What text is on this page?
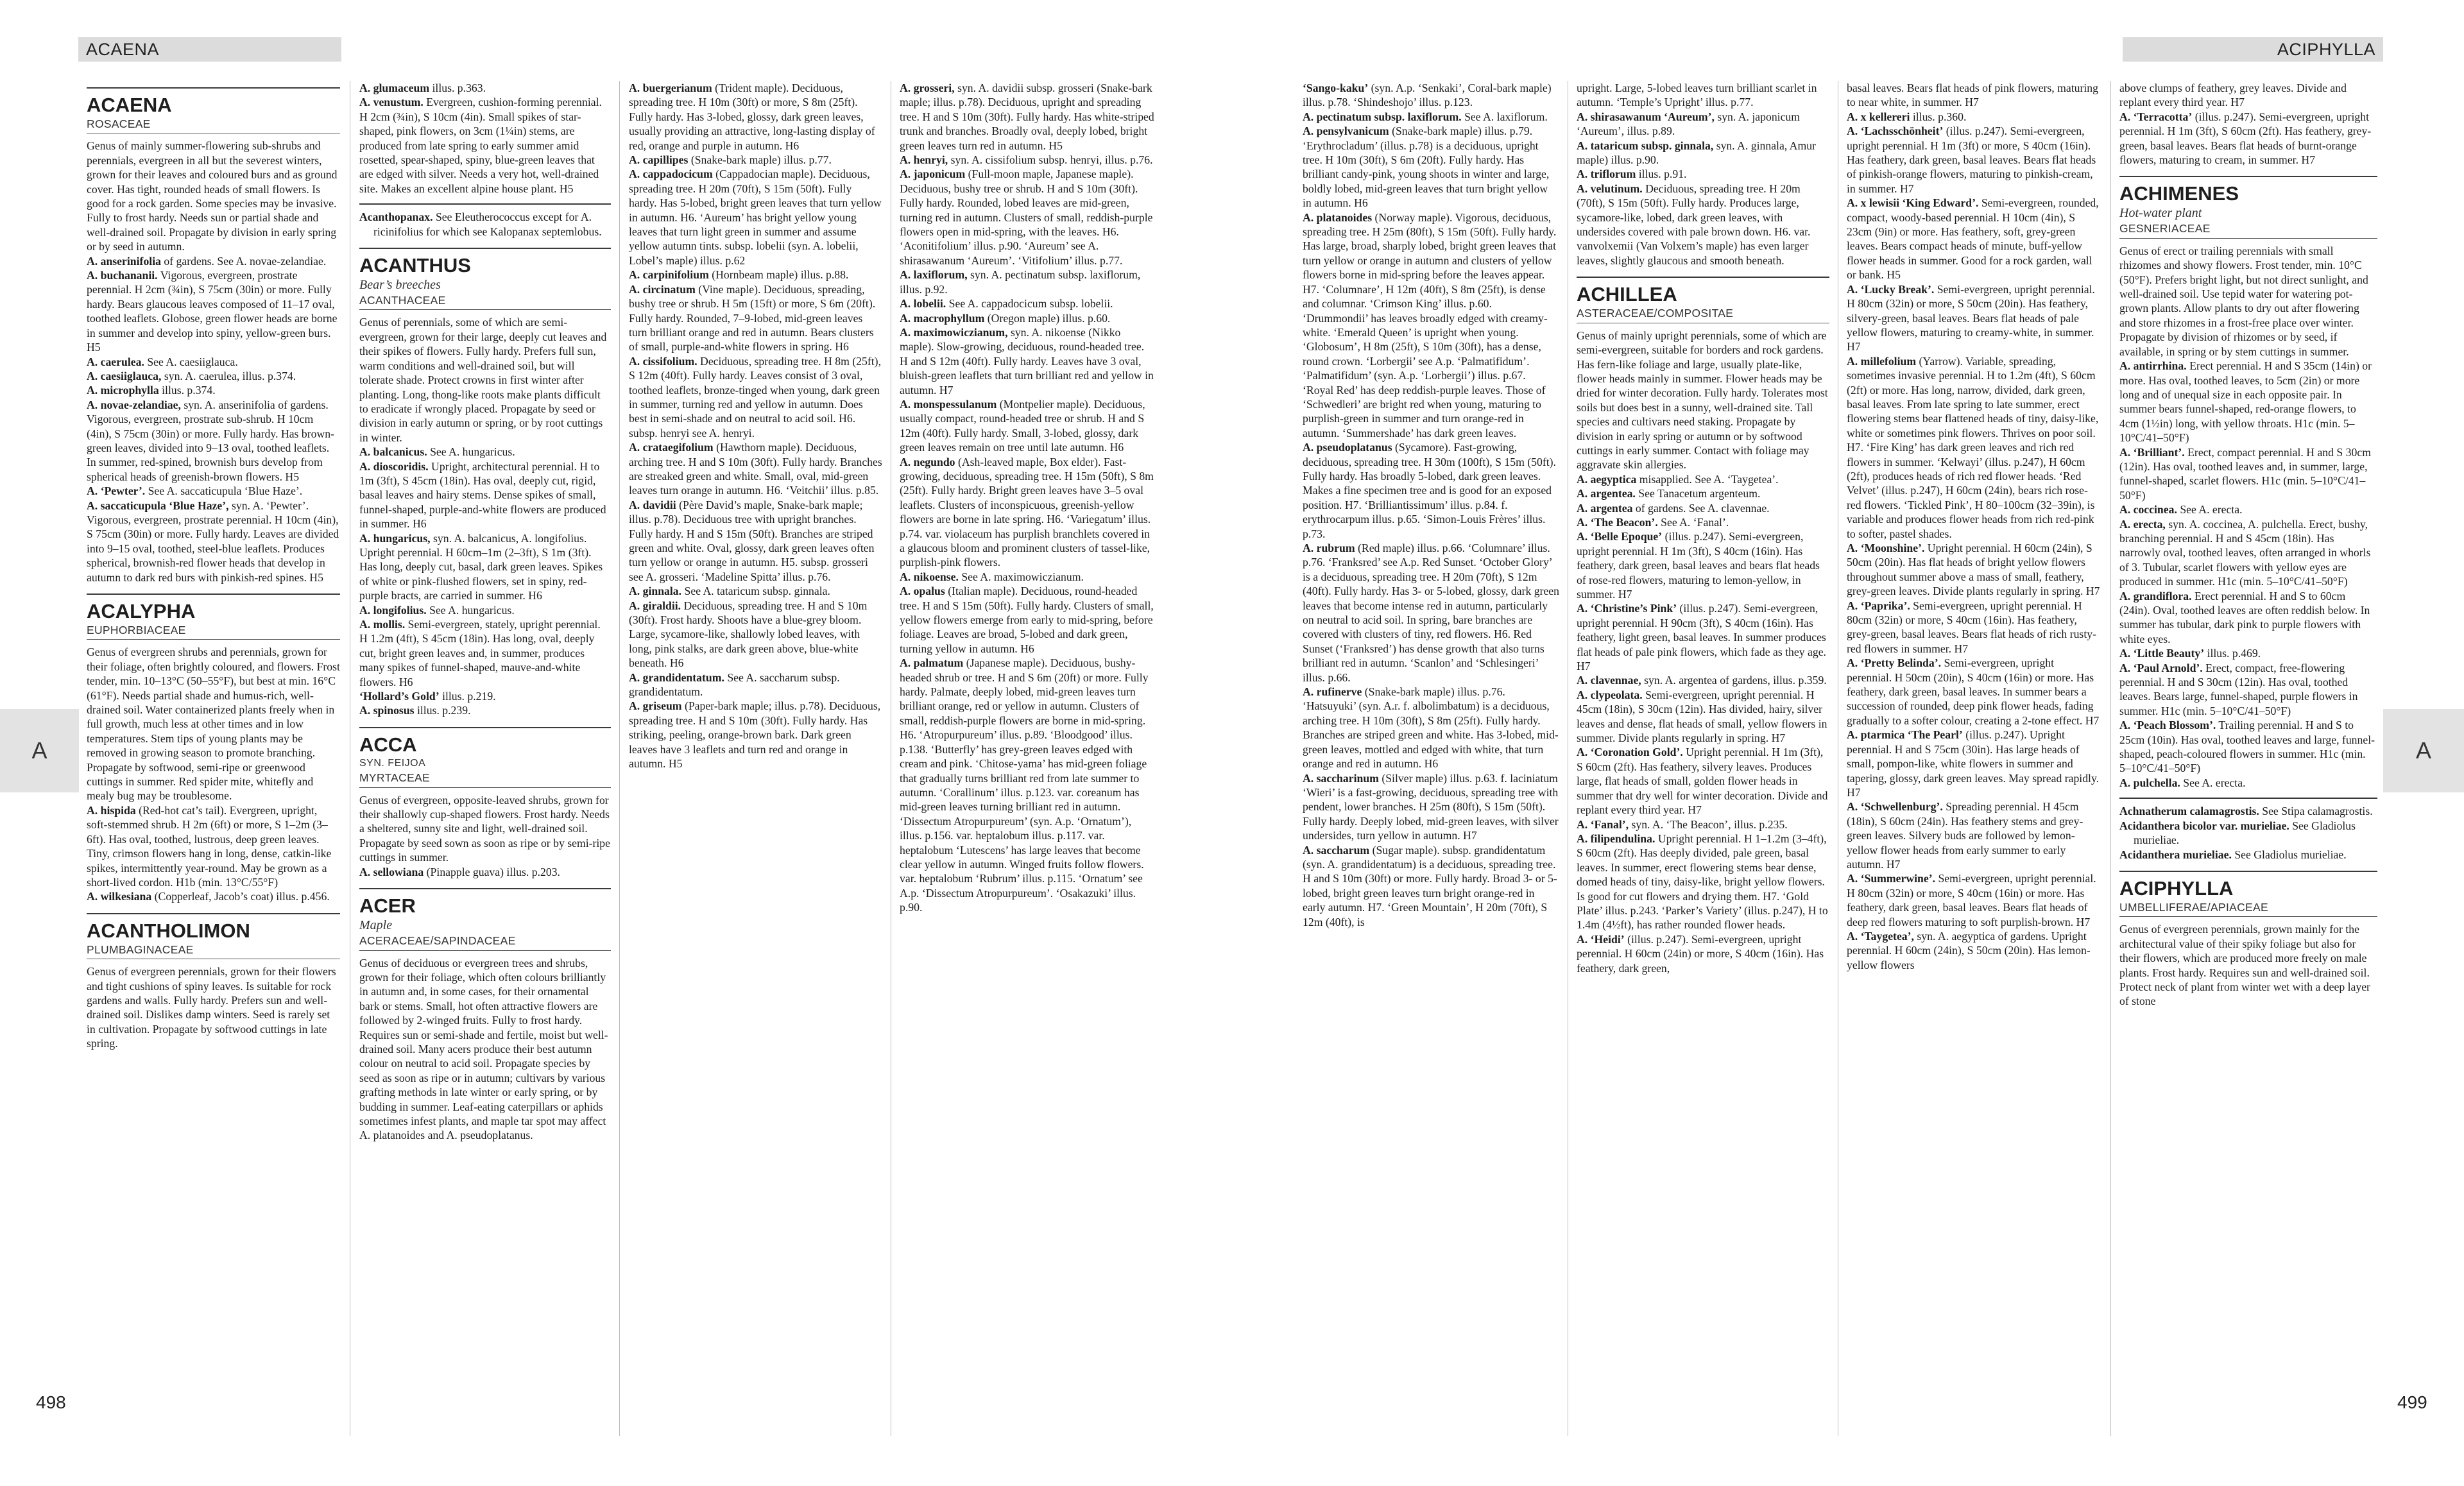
ACAENA	ACIPHYLLA
A	A
498	499
ACAENA
ROSACEAE

Genus of mainly summer-flowering sub-shrubs and perennials, evergreen in all but the severest winters, grown for their leaves and coloured burs and as ground cover. Has tight, rounded heads of small flowers. Is good for a rock garden. Some species may be invasive. Fully to frost hardy. Needs sun or partial shade and well-drained soil. Propagate by division in early spring or by seed in autumn.

A. anserinifolia of gardens. See A. novae-zelandiae.

A. buchananii. Vigorous, evergreen, prostrate perennial. H 2cm (¾in), S 75cm (30in) or more. Fully hardy. Bears glaucous leaves composed of 11–17 oval, toothed leaflets. Globose, green flower heads are borne in summer and develop into spiny, yellow-green burs. H5

A. caerulea. See A. caesiiglauca.

A. caesiiglauca, syn. A. caerulea, illus. p.374.

A. microphylla illus. p.374.

A. novae-zelandiae, syn. A. anserinifolia of gardens. Vigorous, evergreen, prostrate sub-shrub. H 10cm (4in), S 75cm (30in) or more. Fully hardy. Has brown-green leaves, divided into 9–13 oval, toothed leaflets. In summer, red-spined, brownish burs develop from spherical heads of greenish-brown flowers. H5

A. ‘Pewter’. See A. saccaticupula ‘Blue Haze’.

A. saccaticupula ‘Blue Haze’, syn. A. ‘Pewter’. Vigorous, evergreen, prostrate perennial. H 10cm (4in), S 75cm (30in) or more. Fully hardy. Leaves are divided into 9–15 oval, toothed, steel-blue leaflets. Produces spherical, brownish-red flower heads that develop in autumn to dark red burs with pinkish-red spines. H5

ACALYPHA
EUPHORBIACEAE

Genus of evergreen shrubs and perennials, grown for their foliage, often brightly coloured, and flowers. Frost tender, min. 10–13°C (50–55°F), but best at min. 16°C (61°F). Needs partial shade and humus-rich, well-drained soil. Water containerized plants freely when in full growth, much less at other times and in low temperatures. Stem tips of young plants may be removed in growing season to promote branching. Propagate by softwood, semi-ripe or greenwood cuttings in summer. Red spider mite, whitefly and mealy bug may be troublesome.

A. hispida (Red-hot cat’s tail). Evergreen, upright, soft-stemmed shrub. H 2m (6ft) or more, S 1–2m (3–6ft). Has oval, toothed, lustrous, deep green leaves. Tiny, crimson flowers hang in long, dense, catkin-like spikes, intermittently year-round. May be grown as a short-lived cordon. H1b (min. 13°C/55°F)

A. wilkesiana (Copperleaf, Jacob’s coat) illus. p.456.

ACANTHOLIMON
PLUMBAGINACEAE

Genus of evergreen perennials, grown for their flowers and tight cushions of spiny leaves. Is suitable for rock gardens and walls. Fully hardy. Prefers sun and well-drained soil. Dislikes damp winters. Seed is rarely set in cultivation. Propagate by softwood cuttings in late spring.

A. glumaceum illus. p.363.

A. venustum. Evergreen, cushion-forming perennial. H 2cm (¾in), S 10cm (4in). Small spikes of star-shaped, pink flowers, on 3cm (1¼in) stems, are produced from late spring to early summer amid rosetted, spear-shaped, spiny, blue-green leaves that are edged with silver. Needs a very hot, well-drained site. Makes an excellent alpine house plant. H5

Acanthopanax. See Eleutherococcus except for A. ricinifolius for which see Kalopanax septemlobus.

ACANTHUS
Bear’s breeches
ACANTHACEAE

Genus of perennials, some of which are semi-evergreen, grown for their large, deeply cut leaves and their spikes of flowers. Fully hardy. Prefers full sun, warm conditions and well-drained soil, but will tolerate shade. Protect crowns in first winter after planting. Long, thong-like roots make plants difficult to eradicate if wrongly placed. Propagate by seed or division in early autumn or spring, or by root cuttings in winter.

A. balcanicus. See A. hungaricus.

A. dioscoridis. Upright, architectural perennial. H to 1m (3ft), S 45cm (18in). Has oval, deeply cut, rigid, basal leaves and hairy stems. Dense spikes of small, funnel-shaped, purple-and-white flowers are produced in summer. H6

A. hungaricus, syn. A. balcanicus, A. longifolius. Upright perennial. H 60cm–1m (2–3ft), S 1m (3ft). Has long, deeply cut, basal, dark green leaves. Spikes of white or pink-flushed flowers, set in spiny, red-purple bracts, are carried in summer. H6

A. longifolius. See A. hungaricus.

A. mollis. Semi-evergreen, stately, upright perennial. H 1.2m (4ft), S 45cm (18in). Has long, oval, deeply cut, bright green leaves and, in summer, produces many spikes of funnel-shaped, mauve-and-white flowers. H6

‘Hollard’s Gold’ illus. p.219.

A. spinosus illus. p.239.

ACCA
SYN. FEIJOA
MYRTACEAE

Genus of evergreen, opposite-leaved shrubs, grown for their shallowly cup-shaped flowers. Frost hardy. Needs a sheltered, sunny site and light, well-drained soil. Propagate by seed sown as soon as ripe or by semi-ripe cuttings in summer.

A. sellowiana (Pinapple guava) illus. p.203.

ACER
Maple
ACERACEAE/SAPINDACEAE

Genus of deciduous or evergreen trees and shrubs, grown for their foliage, which often colours brilliantly in autumn and, in some cases, for their ornamental bark or stems. Small, hot often attractive flowers are followed by 2-winged fruits. Fully to frost hardy. Requires sun or semi-shade and fertile, moist but well-drained soil. Many acers produce their best autumn colour on neutral to acid soil. Propagate species by seed as soon as ripe or in autumn; cultivars by various grafting methods in late winter or early spring, or by budding in summer. Leaf-eating caterpillars or aphids sometimes infest plants, and maple tar spot may affect A. platanoides and A. pseudoplatanus.

A. buergerianum (Trident maple). Deciduous, spreading tree. H 10m (30ft) or more, S 8m (25ft). Fully hardy. Has 3-lobed, glossy, dark green leaves, usually providing an attractive, long-lasting display of red, orange and purple in autumn. H6

A. capillipes (Snake-bark maple) illus. p.77.

A. cappadocicum (Cappadocian maple). Deciduous, spreading tree. H 20m (70ft), S 15m (50ft). Fully hardy. Has 5-lobed, bright green leaves that turn yellow in autumn. H6. ‘Aureum’ has bright yellow young leaves that turn light green in summer and assume yellow autumn tints. subsp. lobelii (syn. A. lobelii, Lobel’s maple) illus. p.62

A. carpinifolium (Hornbeam maple) illus. p.88.

A. circinatum (Vine maple). Deciduous, spreading, bushy tree or shrub. H 5m (15ft) or more, S 6m (20ft). Fully hardy. Rounded, 7–9-lobed, mid-green leaves turn brilliant orange and red in autumn. Bears clusters of small, purple-and-white flowers in spring. H6

A. cissifolium. Deciduous, spreading tree. H 8m (25ft), S 12m (40ft). Fully hardy. Leaves consist of 3 oval, toothed leaflets, bronze-tinged when young, dark green in summer, turning red and yellow in autumn. Does best in semi-shade and on neutral to acid soil. H6. subsp. henryi see A. henryi.

A. crataegifolium (Hawthorn maple). Deciduous, arching tree. H and S 10m (30ft). Fully hardy. Branches are streaked green and white. Small, oval, mid-green leaves turn orange in autumn. H6. ‘Veitchii’ illus. p.85.

A. davidii (Père David’s maple, Snake-bark maple; illus. p.78). Deciduous tree with upright branches. Fully hardy. H and S 15m (50ft). Branches are striped green and white. Oval, glossy, dark green leaves often turn yellow or orange in autumn. H5. subsp. grosseri see A. grosseri. ‘Madeline Spitta’ illus. p.76.

A. ginnala. See A. tataricum subsp. ginnala.

A. giraldii. Deciduous, spreading tree. H and S 10m (30ft). Frost hardy. Shoots have a blue-grey bloom. Large, sycamore-like, shallowly lobed leaves, with long, pink stalks, are dark green above, blue-white beneath. H6

A. grandidentatum. See A. saccharum subsp. grandidentatum.

A. griseum (Paper-bark maple; illus. p.78). Deciduous, spreading tree. H and S 10m (30ft). Fully hardy. Has striking, peeling, orange-brown bark. Dark green leaves have 3 leaflets and turn red and orange in autumn. H5

A. grosseri, syn. A. davidii subsp. grosseri (Snake-bark maple; illus. p.78). Deciduous, upright and spreading tree. H and S 10m (30ft). Fully hardy. Has white-striped trunk and branches. Broadly oval, deeply lobed, bright green leaves turn red in autumn. H5

A. henryi, syn. A. cissifolium subsp. henryi, illus. p.76.

A. japonicum (Full-moon maple, Japanese maple). Deciduous, bushy tree or shrub. H and S 10m (30ft). Fully hardy. Rounded, lobed leaves are mid-green, turning red in autumn. Clusters of small, reddish-purple flowers open in mid-spring, with the leaves. H6. ‘Aconitifolium’ illus. p.90. ‘Aureum’ see A. shirasawanum ‘Aureum’. ‘Vitifolium’ illus. p.77.

A. laxiflorum, syn. A. pectinatum subsp. laxiflorum, illus. p.92.

A. lobelii. See A. cappadocicum subsp. lobelii.

A. macrophyllum (Oregon maple) illus. p.60.

A. maximowiczianum, syn. A. nikoense (Nikko maple). Slow-growing, deciduous, round-headed tree. H and S 12m (40ft). Fully hardy. Leaves have 3 oval, bluish-green leaflets that turn brilliant red and yellow in autumn. H7

A. monspessulanum (Montpelier maple). Deciduous, usually compact, round-headed tree or shrub. H and S 12m (40ft). Fully hardy. Small, 3-lobed, glossy, dark green leaves remain on tree until late autumn. H6

A. negundo (Ash-leaved maple, Box elder). Fast-growing, deciduous, spreading tree. H 15m (50ft), S 8m (25ft). Fully hardy. Bright green leaves have 3–5 oval leaflets. Clusters of inconspicuous, greenish-yellow flowers are borne in late spring. H6. ‘Variegatum’ illus. p.74. var. violaceum has purplish branchlets covered in a glaucous bloom and prominent clusters of tassel-like, purplish-pink flowers.

A. nikoense. See A. maximowiczianum.

A. opalus (Italian maple). Deciduous, round-headed tree. H and S 15m (50ft). Fully hardy. Clusters of small, yellow flowers emerge from early to mid-spring, before foliage. Leaves are broad, 5-lobed and dark green, turning yellow in autumn. H6

A. palmatum (Japanese maple). Deciduous, bushy-headed shrub or tree. H and S 6m (20ft) or more. Fully hardy. Palmate, deeply lobed, mid-green leaves turn brilliant orange, red or yellow in autumn. Clusters of small, reddish-purple flowers are borne in mid-spring. H6. ‘Atropurpureum’ illus. p.89. ‘Bloodgood’ illus. p.138. ‘Butterfly’ has grey-green leaves edged with cream and pink. ‘Chitose-yama’ has mid-green foliage that gradually turns brilliant red from late summer to autumn. ‘Corallinum’ illus. p.123. var. coreanum has mid-green leaves turning brilliant red in autumn. ‘Dissectum Atropurpureum’ (syn. A.p. ‘Ornatum’), illus. p.156. var. heptalobum illus. p.117. var. heptalobum ‘Lutescens’ has large leaves that become clear yellow in autumn. Winged fruits follow flowers. var. heptalobum ‘Rubrum’ illus. p.115. ‘Ornatum’ see A.p. ‘Dissectum Atropurpureum’. ‘Osakazuki’ illus. p.90.

‘Sango-kaku’ (syn. A.p. ‘Senkaki’, Coral-bark maple) illus. p.78. ‘Shindeshojo’ illus. p.123.

A. pectinatum subsp. laxiflorum. See A. laxiflorum.

A. pensylvanicum (Snake-bark maple) illus. p.79. ‘Erythrocladum’ (illus. p.78) is a deciduous, upright tree. H 10m (30ft), S 6m (20ft). Fully hardy. Has brilliant candy-pink, young shoots in winter and large, boldly lobed, mid-green leaves that turn bright yellow in autumn. H6

A. platanoides (Norway maple). Vigorous, deciduous, spreading tree. H 25m (80ft), S 15m (50ft). Fully hardy. Has large, broad, sharply lobed, bright green leaves that turn yellow or orange in autumn and clusters of yellow flowers borne in mid-spring before the leaves appear. H7. ‘Columnare’, H 12m (40ft), S 8m (25ft), is dense and columnar. ‘Crimson King’ illus. p.60. ‘Drummondii’ has leaves broadly edged with creamy-white. ‘Emerald Queen’ is upright when young. ‘Globosum’, H 8m (25ft), S 10m (30ft), has a dense, round crown. ‘Lorbergii’ see A.p. ‘Palmatifidum’. ‘Palmatifidum’ (syn. A.p. ‘Lorbergii’) illus. p.67. ‘Royal Red’ has deep reddish-purple leaves. Those of ‘Schwedleri’ are bright red when young, maturing to purplish-green in summer and turn orange-red in autumn. ‘Summershade’ has dark green leaves.

A. pseudoplatanus (Sycamore). Fast-growing, deciduous, spreading tree. H 30m (100ft), S 15m (50ft). Fully hardy. Has broadly 5-lobed, dark green leaves. Makes a fine specimen tree and is good for an exposed position. H7. ‘Brilliantissimum’ illus. p.84. f. erythrocarpum illus. p.65. ‘Simon-Louis Frères’ illus. p.73.

A. rubrum (Red maple) illus. p.66. ‘Columnare’ illus. p.76. ‘Franksred’ see A.p. Red Sunset. ‘October Glory’ is a deciduous, spreading tree. H 20m (70ft), S 12m (40ft). Fully hardy. Has 3- or 5-lobed, glossy, dark green leaves that become intense red in autumn, particularly on neutral to acid soil. In spring, bare branches are covered with clusters of tiny, red flowers. H6. Red Sunset (‘Franksred’) has dense growth that also turns brilliant red in autumn. ‘Scanlon’ and ‘Schlesingeri’ illus. p.66.

A. rufinerve (Snake-bark maple) illus. p.76. ‘Hatsuyuki’ (syn. A.r. f. albolimbatum) is a deciduous, arching tree. H 10m (30ft), S 8m (25ft). Fully hardy. Branches are striped green and white. Has 3-lobed, mid-green leaves, mottled and edged with white, that turn orange and red in autumn. H6

A. saccharinum (Silver maple) illus. p.63. f. laciniatum ‘Wieri’ is a fast-growing, deciduous, spreading tree with pendent, lower branches. H 25m (80ft), S 15m (50ft). Fully hardy. Deeply lobed, mid-green leaves, with silver undersides, turn yellow in autumn. H7

A. saccharum (Sugar maple). subsp. grandidentatum (syn. A. grandidentatum) is a deciduous, spreading tree. H and S 10m (30ft) or more. Fully hardy. Broad 3- or 5-lobed, bright green leaves turn bright orange-red in early autumn. H7. ‘Green Mountain’, H 20m (70ft), S 12m (40ft), is

upright. Large, 5-lobed leaves turn brilliant scarlet in autumn. ‘Temple’s Upright’ illus. p.77.

A. shirasawanum ‘Aureum’, syn. A. japonicum ‘Aureum’, illus. p.89.

A. tataricum subsp. ginnala, syn. A. ginnala, Amur maple) illus. p.90.

A. triflorum illus. p.91.

A. velutinum. Deciduous, spreading tree. H 20m (70ft), S 15m (50ft). Fully hardy. Produces large, sycamore-like, lobed, dark green leaves, with undersides covered with pale brown down. H6. var. vanvolxemii (Van Volxem’s maple) has even larger leaves, slightly glaucous and smooth beneath.

ACHILLEA
ASTERACEAE/COMPOSITAE

Genus of mainly upright perennials, some of which are semi-evergreen, suitable for borders and rock gardens. Has fern-like foliage and large, usually plate-like, flower heads mainly in summer. Flower heads may be dried for winter decoration. Fully hardy. Tolerates most soils but does best in a sunny, well-drained site. Tall species and cultivars need staking. Propagate by division in early spring or autumn or by softwood cuttings in early summer. Contact with foliage may aggravate skin allergies.

A. aegyptica misapplied. See A. ‘Taygetea’.

A. argentea. See Tanacetum argenteum.

A. argentea of gardens. See A. clavennae.

A. ‘The Beacon’. See A. ‘Fanal’.

A. ‘Belle Epoque’ (illus. p.247). Semi-evergreen, upright perennial. H 1m (3ft), S 40cm (16in). Has feathery, dark green, basal leaves and bears flat heads of rose-red flowers, maturing to lemon-yellow, in summer. H7

A. ‘Christine’s Pink’ (illus. p.247). Semi-evergreen, upright perennial. H 90cm (3ft), S 40cm (16in). Has feathery, light green, basal leaves. In summer produces flat heads of pale pink flowers, which fade as they age. H7

A. clavennae, syn. A. argentea of gardens, illus. p.359.

A. clypeolata. Semi-evergreen, upright perennial. H 45cm (18in), S 30cm (12in). Has divided, hairy, silver leaves and dense, flat heads of small, yellow flowers in summer. Divide plants regularly in spring. H7

A. ‘Coronation Gold’. Upright perennial. H 1m (3ft), S 60cm (2ft). Has feathery, silvery leaves. Produces large, flat heads of small, golden flower heads in summer that dry well for winter decoration. Divide and replant every third year. H7

A. ‘Fanal’, syn. A. ‘The Beacon’, illus. p.235.

A. filipendulina. Upright perennial. H 1–1.2m (3–4ft), S 60cm (2ft). Has deeply divided, pale green, basal leaves. In summer, erect flowering stems bear dense, domed heads of tiny, daisy-like, bright yellow flowers. Is good for cut flowers and drying them. H7. ‘Gold Plate’ illus. p.243. ‘Parker’s Variety’ (illus. p.247), H to 1.4m (4½ft), has rather rounded flower heads.

A. ‘Heidi’ (illus. p.247). Semi-evergreen, upright perennial. H 60cm (24in) or more, S 40cm (16in). Has feathery, dark green,

basal leaves. Bears flat heads of pink flowers, maturing to near white, in summer. H7

A. x kellereri illus. p.360.

A. ‘Lachsschönheit’ (illus. p.247). Semi-evergreen, upright perennial. H 1m (3ft) or more, S 40cm (16in). Has feathery, dark green, basal leaves. Bears flat heads of pinkish-orange flowers, maturing to pinkish-cream, in summer. H7

A. x lewisii ‘King Edward’. Semi-evergreen, rounded, compact, woody-based perennial. H 10cm (4in), S 23cm (9in) or more. Has feathery, soft, grey-green leaves. Bears compact heads of minute, buff-yellow flower heads in summer. Good for a rock garden, wall or bank. H5

A. ‘Lucky Break’. Semi-evergreen, upright perennial. H 80cm (32in) or more, S 50cm (20in). Has feathery, silvery-green, basal leaves. Bears flat heads of pale yellow flowers, maturing to creamy-white, in summer. H7

A. millefolium (Yarrow). Variable, spreading, sometimes invasive perennial. H to 1.2m (4ft), S 60cm (2ft) or more. Has long, narrow, divided, dark green, basal leaves. From late spring to late summer, erect flowering stems bear flattened heads of tiny, daisy-like, white or sometimes pink flowers. Thrives on poor soil. H7. ‘Fire King’ has dark green leaves and rich red flowers in summer. ‘Kelwayi’ (illus. p.247), H 60cm (2ft), produces heads of rich red flower heads. ‘Red Velvet’ (illus. p.247), H 60cm (24in), bears rich rose-red flowers. ‘Tickled Pink’, H 80–100cm (32–39in), is variable and produces flower heads from rich red-pink to softer, pastel shades.

A. ‘Moonshine’. Upright perennial. H 60cm (24in), S 50cm (20in). Has flat heads of bright yellow flowers throughout summer above a mass of small, feathery, grey-green leaves. Divide plants regularly in spring. H7

A. ‘Paprika’. Semi-evergreen, upright perennial. H 80cm (32in) or more, S 40cm (16in). Has feathery, grey-green, basal leaves. Bears flat heads of rich rusty-red flowers in summer. H7

A. ‘Pretty Belinda’. Semi-evergreen, upright perennial. H 50cm (20in), S 40cm (16in) or more. Has feathery, dark green, basal leaves. In summer bears a succession of rounded, deep pink flower heads, fading gradually to a softer colour, creating a 2-tone effect. H7

A. ptarmica ‘The Pearl’ (illus. p.247). Upright perennial. H and S 75cm (30in). Has large heads of small, pompon-like, white flowers in summer and tapering, glossy, dark green leaves. May spread rapidly. H7

A. ‘Schwellenburg’. Spreading perennial. H 45cm (18in), S 60cm (24in). Has feathery stems and grey-green leaves. Silvery buds are followed by lemon-yellow flower heads from early summer to early autumn. H7

A. ‘Summerwine’. Semi-evergreen, upright perennial. H 80cm (32in) or more, S 40cm (16in) or more. Has feathery, dark green, basal leaves. Bears flat heads of deep red flowers maturing to soft purplish-brown. H7

A. ‘Taygetea’, syn. A. aegyptica of gardens. Upright perennial. H 60cm (24in), S 50cm (20in). Has lemon-yellow flowers

above clumps of feathery, grey leaves. Divide and replant every third year. H7

A. ‘Terracotta’ (illus. p.247). Semi-evergreen, upright perennial. H 1m (3ft), S 60cm (2ft). Has feathery, grey-green, basal leaves. Bears flat heads of burnt-orange flowers, maturing to cream, in summer. H7

ACHIMENES
Hot-water plant
GESNERIACEAE

Genus of erect or trailing perennials with small rhizomes and showy flowers. Frost tender, min. 10°C (50°F). Prefers bright light, but not direct sunlight, and well-drained soil. Use tepid water for watering pot-grown plants. Allow plants to dry out after flowering and store rhizomes in a frost-free place over winter. Propagate by division of rhizomes or by seed, if available, in spring or by stem cuttings in summer.

A. antirrhina. Erect perennial. H and S 35cm (14in) or more. Has oval, toothed leaves, to 5cm (2in) or more long and of unequal size in each opposite pair. In summer bears funnel-shaped, red-orange flowers, to 4cm (1½in) long, with yellow throats. H1c (min. 5–10°C/41–50°F)

A. ‘Brilliant’. Erect, compact perennial. H and S 30cm (12in). Has oval, toothed leaves and, in summer, large, funnel-shaped, scarlet flowers. H1c (min. 5–10°C/41–50°F)

A. coccinea. See A. erecta.

A. erecta, syn. A. coccinea, A. pulchella. Erect, bushy, branching perennial. H and S 45cm (18in). Has narrowly oval, toothed leaves, often arranged in whorls of 3. Tubular, scarlet flowers with yellow eyes are produced in summer. H1c (min. 5–10°C/41–50°F)

A. grandiflora. Erect perennial. H and S to 60cm (24in). Oval, toothed leaves are often reddish below. In summer has tubular, dark pink to purple flowers with white eyes.

A. ‘Little Beauty’ illus. p.469.

A. ‘Paul Arnold’. Erect, compact, free-flowering perennial. H and S 30cm (12in). Has oval, toothed leaves. Bears large, funnel-shaped, purple flowers in summer. H1c (min. 5–10°C/41–50°F)

A. ‘Peach Blossom’. Trailing perennial. H and S to 25cm (10in). Has oval, toothed leaves and large, funnel-shaped, peach-coloured flowers in summer. H1c (min. 5–10°C/41–50°F)

A. pulchella. See A. erecta.

Achnatherum calamagrostis. See Stipa calamagrostis.

Acidanthera bicolor var. murieliae. See Gladiolus murieliae.

Acidanthera murieliae. See Gladiolus murieliae.

ACIPHYLLA
UMBELLIFERAE/APIACEAE

Genus of evergreen perennials, grown mainly for the architectural value of their spiky foliage but also for their flowers, which are produced more freely on male plants. Frost hardy. Requires sun and well-drained soil. Protect neck of plant from winter wet with a deep layer of stone
